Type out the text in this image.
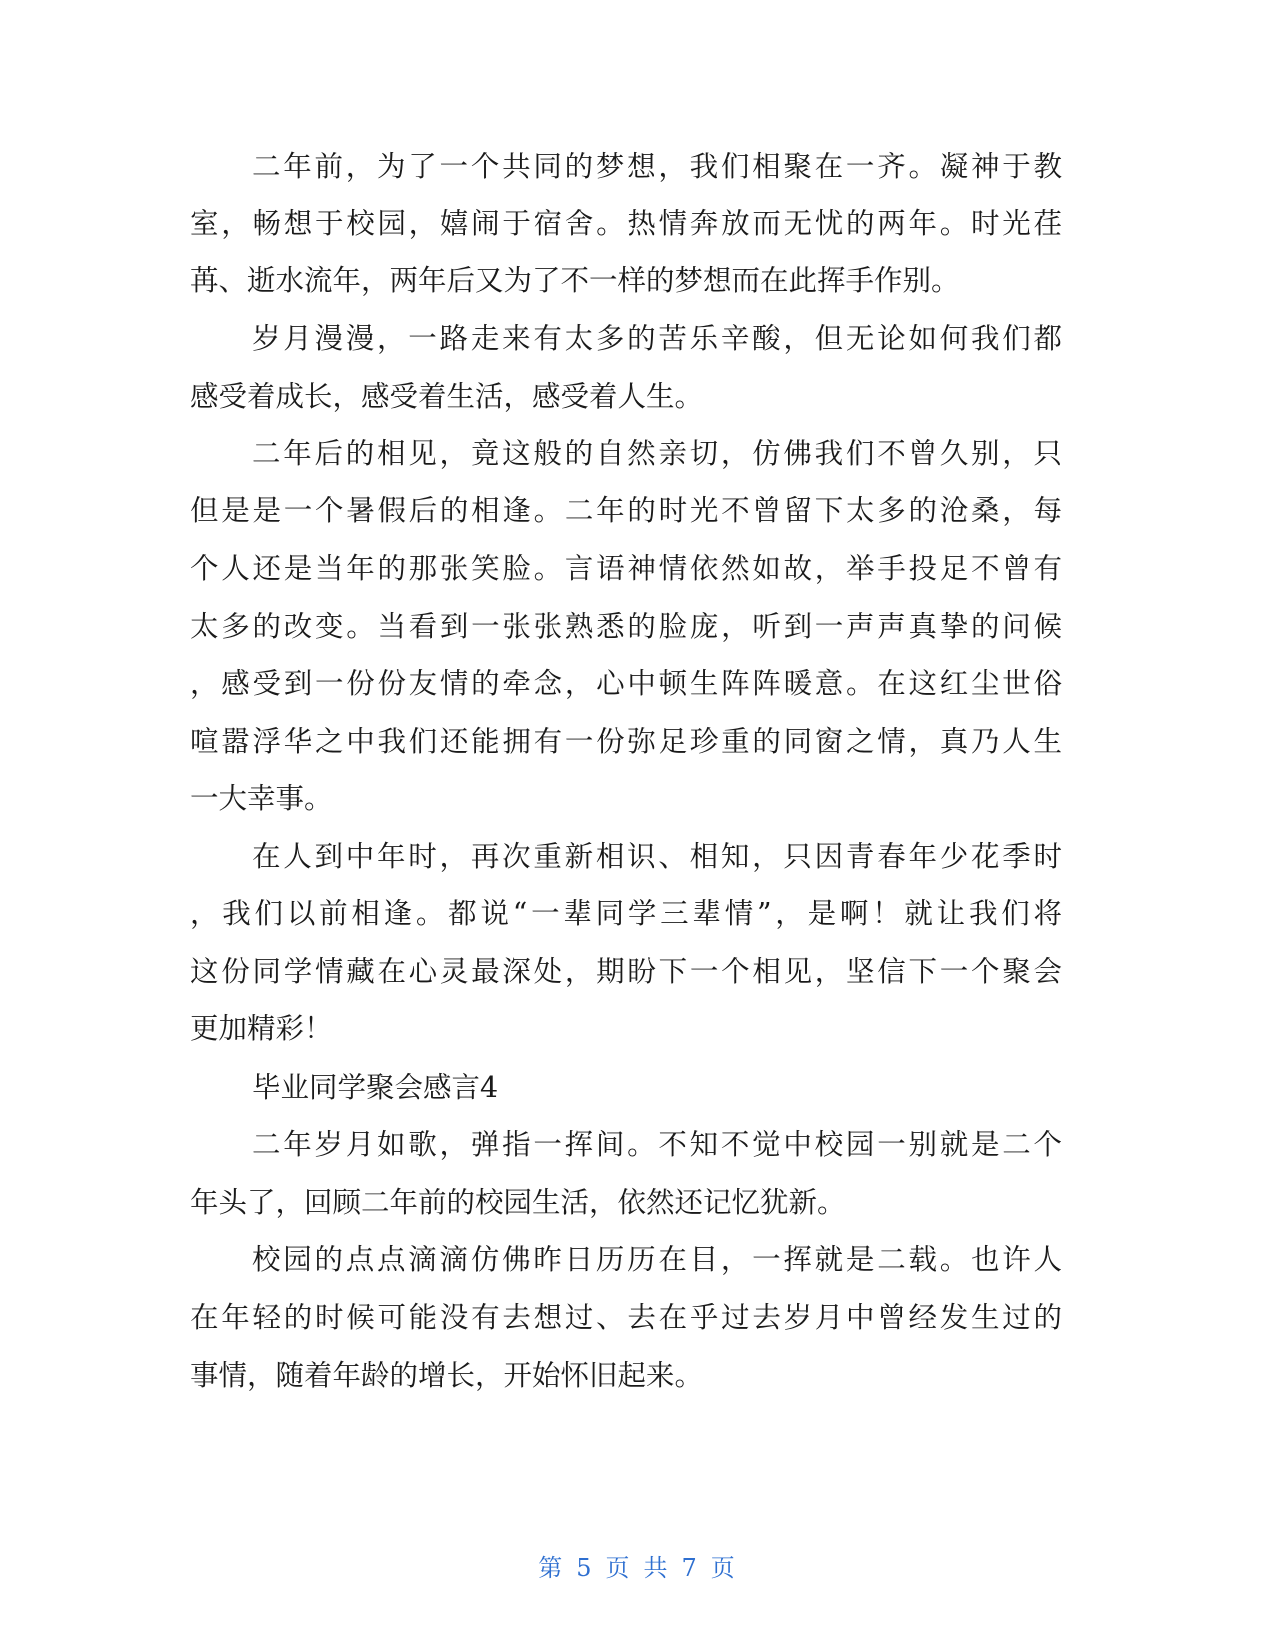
二年前，为了一个共同的梦想，我们相聚在一齐。凝神于教
室，畅想于校园，嬉闹于宿舍。热情奔放而无忧的两年。时光荏
苒、逝水流年，两年后又为了不一样的梦想而在此挥手作别。
岁月漫漫，一路走来有太多的苦乐辛酸，但无论如何我们都
感受着成长，感受着生活，感受着人生。
二年后的相见，竟这般的自然亲切，仿佛我们不曾久别，只
但是是一个暑假后的相逢。二年的时光不曾留下太多的沧桑，每
个人还是当年的那张笑脸。言语神情依然如故，举手投足不曾有
太多的改变。当看到一张张熟悉的脸庞，听到一声声真挚的问候
，感受到一份份友情的牵念，心中顿生阵阵暖意。在这红尘世俗
喧嚣浮华之中我们还能拥有一份弥足珍重的同窗之情，真乃人生
一大幸事。
在人到中年时，再次重新相识、相知，只因青春年少花季时
，我们以前相逢。都说“一辈同学三辈情”，是啊！就让我们将
这份同学情藏在心灵最深处，期盼下一个相见，坚信下一个聚会
更加精彩！
毕业同学聚会感言4
二年岁月如歌，弹指一挥间。不知不觉中校园一别就是二个
年头了，回顾二年前的校园生活，依然还记忆犹新。
校园的点点滴滴仿佛昨日历历在目，一挥就是二载。也许人
在年轻的时候可能没有去想过、去在乎过去岁月中曾经发生过的
事情，随着年龄的增长，开始怀旧起来。
第 5 页 共 7 页
